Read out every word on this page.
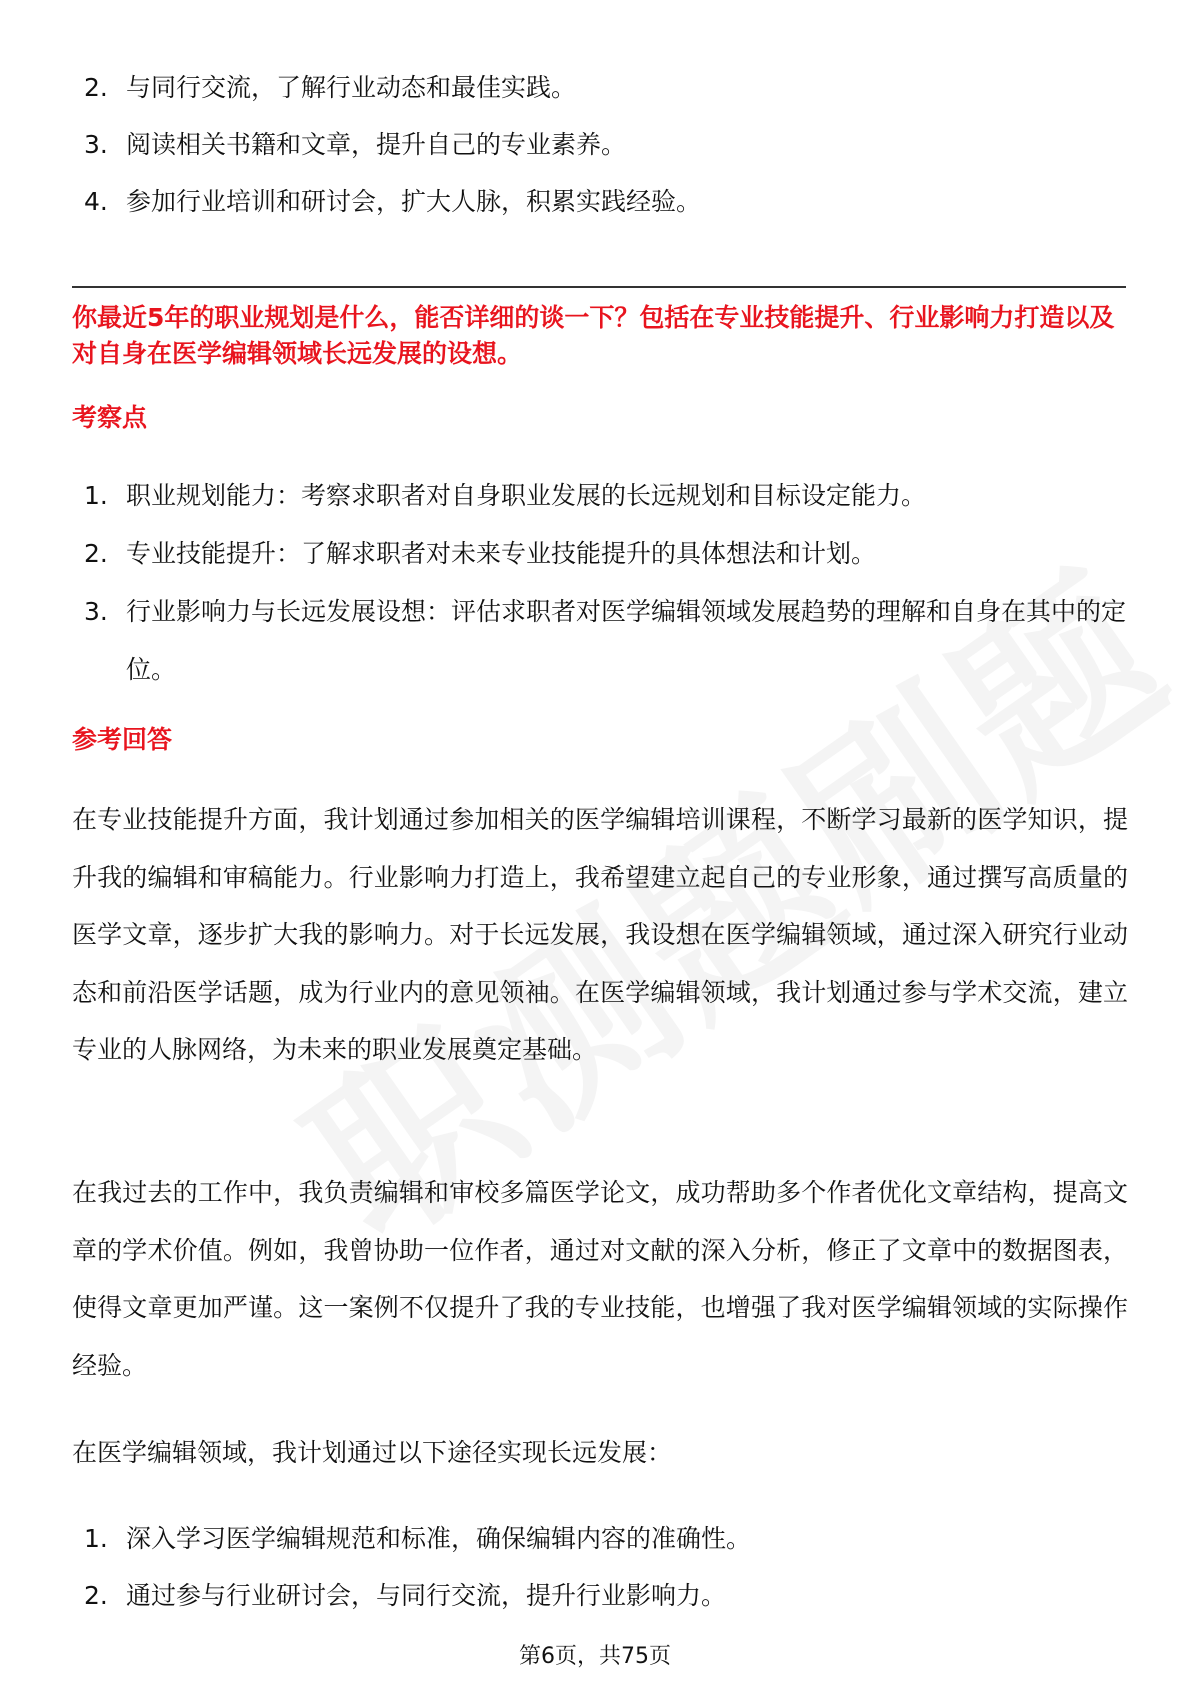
2. 与同行交流，了解行业动态和最佳实践。
3. 阅读相关书籍和文章，提升自己的专业素养。
4. 参加行业培训和研讨会，扩大人脉，积累实践经验。

你最近5年的职业规划是什么，能否详细的谈一下？包括在专业技能提升、行业影响力打造以及对自身在医学编辑领域长远发展的设想。

考察点

1. 职业规划能力：考察求职者对自身职业发展的长远规划和目标设定能力。
2. 专业技能提升：了解求职者对未来专业技能提升的具体想法和计划。
3. 行业影响力与长远发展设想：评估求职者对医学编辑领域发展趋势的理解和自身在其中的定位。

参考回答

在专业技能提升方面，我计划通过参加相关的医学编辑培训课程，不断学习最新的医学知识，提升我的编辑和审稿能力。行业影响力打造上，我希望建立起自己的专业形象，通过撰写高质量的医学文章，逐步扩大我的影响力。对于长远发展，我设想在医学编辑领域，通过深入研究行业动态和前沿医学话题，成为行业内的意见领袖。在医学编辑领域，我计划通过参与学术交流，建立专业的人脉网络，为未来的职业发展奠定基础。

在我过去的工作中，我负责编辑和审校多篇医学论文，成功帮助多个作者优化文章结构，提高文章的学术价值。例如，我曾协助一位作者，通过对文献的深入分析，修正了文章中的数据图表，使得文章更加严谨。这一案例不仅提升了我的专业技能，也增强了我对医学编辑领域的实际操作经验。

在医学编辑领域，我计划通过以下途径实现长远发展：

1. 深入学习医学编辑规范和标准，确保编辑内容的准确性。
2. 通过参与行业研讨会，与同行交流，提升行业影响力。
第6页，共75页
